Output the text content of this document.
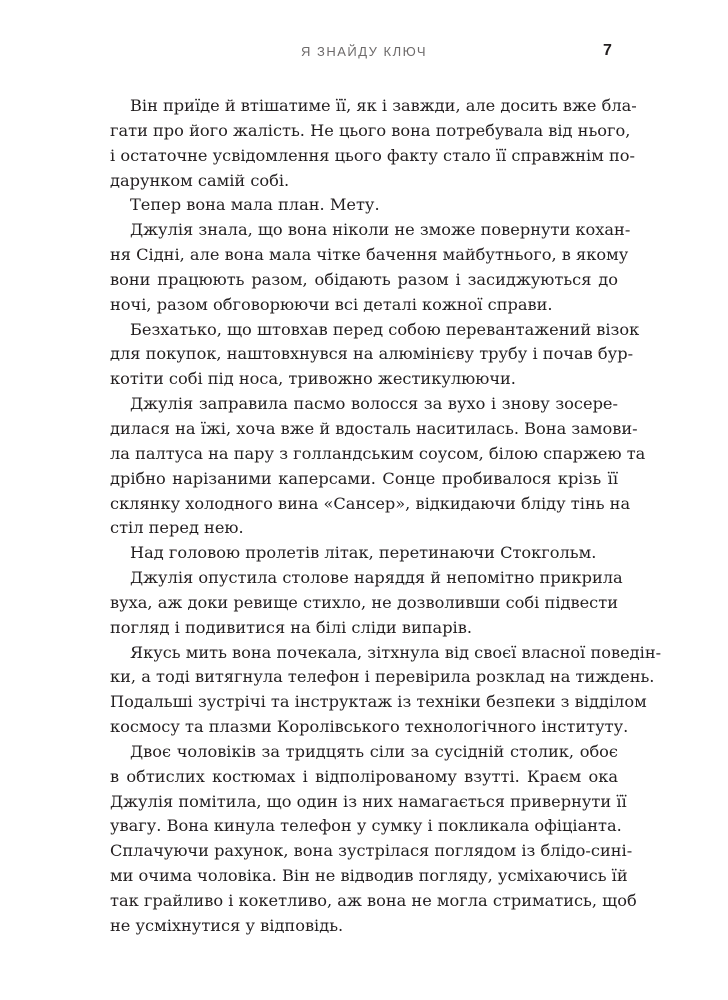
Я ЗНАЙДУ КЛЮЧ	7
Він приїде й втішатиме її, як і завжди, але досить вже бла-
гати про його жалість. Не цього вона потребувала від нього,
і остаточне усвідомлення цього факту стало її справжнім по-
дарунком самій собі.
Тепер вона мала план. Мету.
Джулія знала, що вона ніколи не зможе повернути кохан-
ня Сідні, але вона мала чітке бачення майбутнього, в якому
вони працюють разом, обідають разом і засиджуються до
ночі, разом обговорюючи всі деталі кожної справи.
Безхатько, що штовхав перед собою перевантажений візок
для покупок, наштовхнувся на алюмінієву трубу і почав бур-
котіти собі під носа, тривожно жестикулюючи.
Джулія заправила пасмо волосся за вухо і знову зосере-
дилася на їжі, хоча вже й вдосталь наситилась. Вона замови-
ла палтуса на пару з голландським соусом, білою спаржею та
дрібно нарізаними каперсами. Сонце пробивалося крізь її
склянку холодного вина «Сансер», відкидаючи бліду тінь на
стіл перед нею.
Над головою пролетів літак, перетинаючи Стокгольм.
Джулія опустила столове наряддя й непомітно прикрила
вуха, аж доки ревище стихло, не дозволивши собі підвести
погляд і подивитися на білі сліди випарів.
Якусь мить вона почекала, зітхнула від своєї власної поведін-
ки, а тоді витягнула телефон і перевірила розклад на тиждень.
Подальші зустрічі та інструктаж із техніки безпеки з відділом
космосу та плазми Королівського технологічного інституту.
Двоє чоловіків за тридцять сіли за сусідній столик, обоє
в обтислих костюмах і відполірованому взутті. Краєм ока
Джулія помітила, що один із них намагається привернути її
увагу. Вона кинула телефон у сумку і покликала офіціанта.
Сплачуючи рахунок, вона зустрілася поглядом із блідо-сині-
ми очима чоловіка. Він не відводив погляду, усміхаючись їй
так грайливо і кокетливо, аж вона не могла стриматись, щоб
не усміхнутися у відповідь.
